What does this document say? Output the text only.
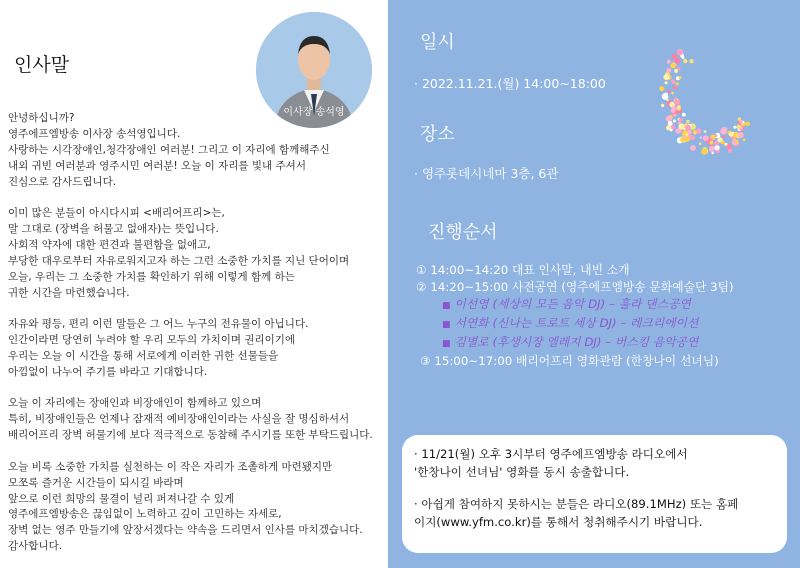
인사말
이사장 송석영

안녕하십니까?
영주에프엠방송 이사장 송석영입니다.
사랑하는 시각장애인,청각장애인 여러분! 그리고 이 자리에 함께해주신
내외 귀빈 여러분과 영주시민 여러분! 오늘 이 자리를 빛내 주셔서
진심으로 감사드립니다.

이미 많은 분들이 아시다시피 <배리어프리>는,
말 그대로 (장벽을 허물고 없애자)는 뜻입니다.
사회적 약자에 대한 편견과 불편함을 없애고,
부당한 대우로부터 자유로워지고자 하는 그런 소중한 가치를 지닌 단어이며
오늘, 우리는 그 소중한 가치를 확인하기 위해 이렇게 함께 하는
귀한 시간을 마련했습니다.

자유와 평등, 편리 이런 말들은 그 어느 누구의 전유물이 아닙니다.
인간이라면 당연히 누려야 할 우리 모두의 가치이며 권리이기에
우리는 오늘 이 시간을 통해 서로에게 이러한 귀한 선물들을
아낌없이 나누어 주기를 바라고 기대합니다.

오늘 이 자리에는 장애인과 비장애인이 함께하고 있으며
특히, 비장애인들은 언제나 잠재적 예비장애인이라는 사실을 잘 명심하셔서
배리어프리 장벽 허물기에 보다 적극적으로 동참해 주시기를 또한 부탁드립니다.

오늘 비록 소중한 가치를 실천하는 이 작은 자리가 조촐하게 마련됐지만
모쪼록 즐거운 시간들이 되시길 바라며
앞으로 이런 희망의 물결이 널리 퍼져나갈 수 있게
영주에프엠방송은 끊임없이 노력하고 깊이 고민하는 자세로,
장벽 없는 영주 만들기에 앞장서겠다는 약속을 드리면서 인사를 마치겠습니다.
감사합니다.

일시
· 2022.11.21.(월) 14:00~18:00
장소
· 영주롯데시네마 3층, 6관
진행순서
① 14:00~14:20 대표 인사말, 내빈 소개
② 14:20~15:00 사전공연 (영주에프엠방송 문화예술단 3팀)
■ 이선영 (세상의 모든 음악 DJ) – 훌라 댄스공연
■ 서연화 (신나는 트로트 세상 DJ) – 레크리에이션
■ 김별로 (후생시장 엘레지 DJ) – 버스킹 음악공연
③ 15:00~17:00 배리어프리 영화관람 (한창나이 선녀님)
· 11/21(월) 오후 3시부터 영주에프엠방송 라디오에서
'한창나이 선녀님' 영화를 동시 송출합니다.
· 아쉽게 참여하지 못하시는 분들은 라디오(89.1MHz) 또는 홈페
이지(www.yfm.co.kr)를 통해서 청취해주시기 바랍니다.
